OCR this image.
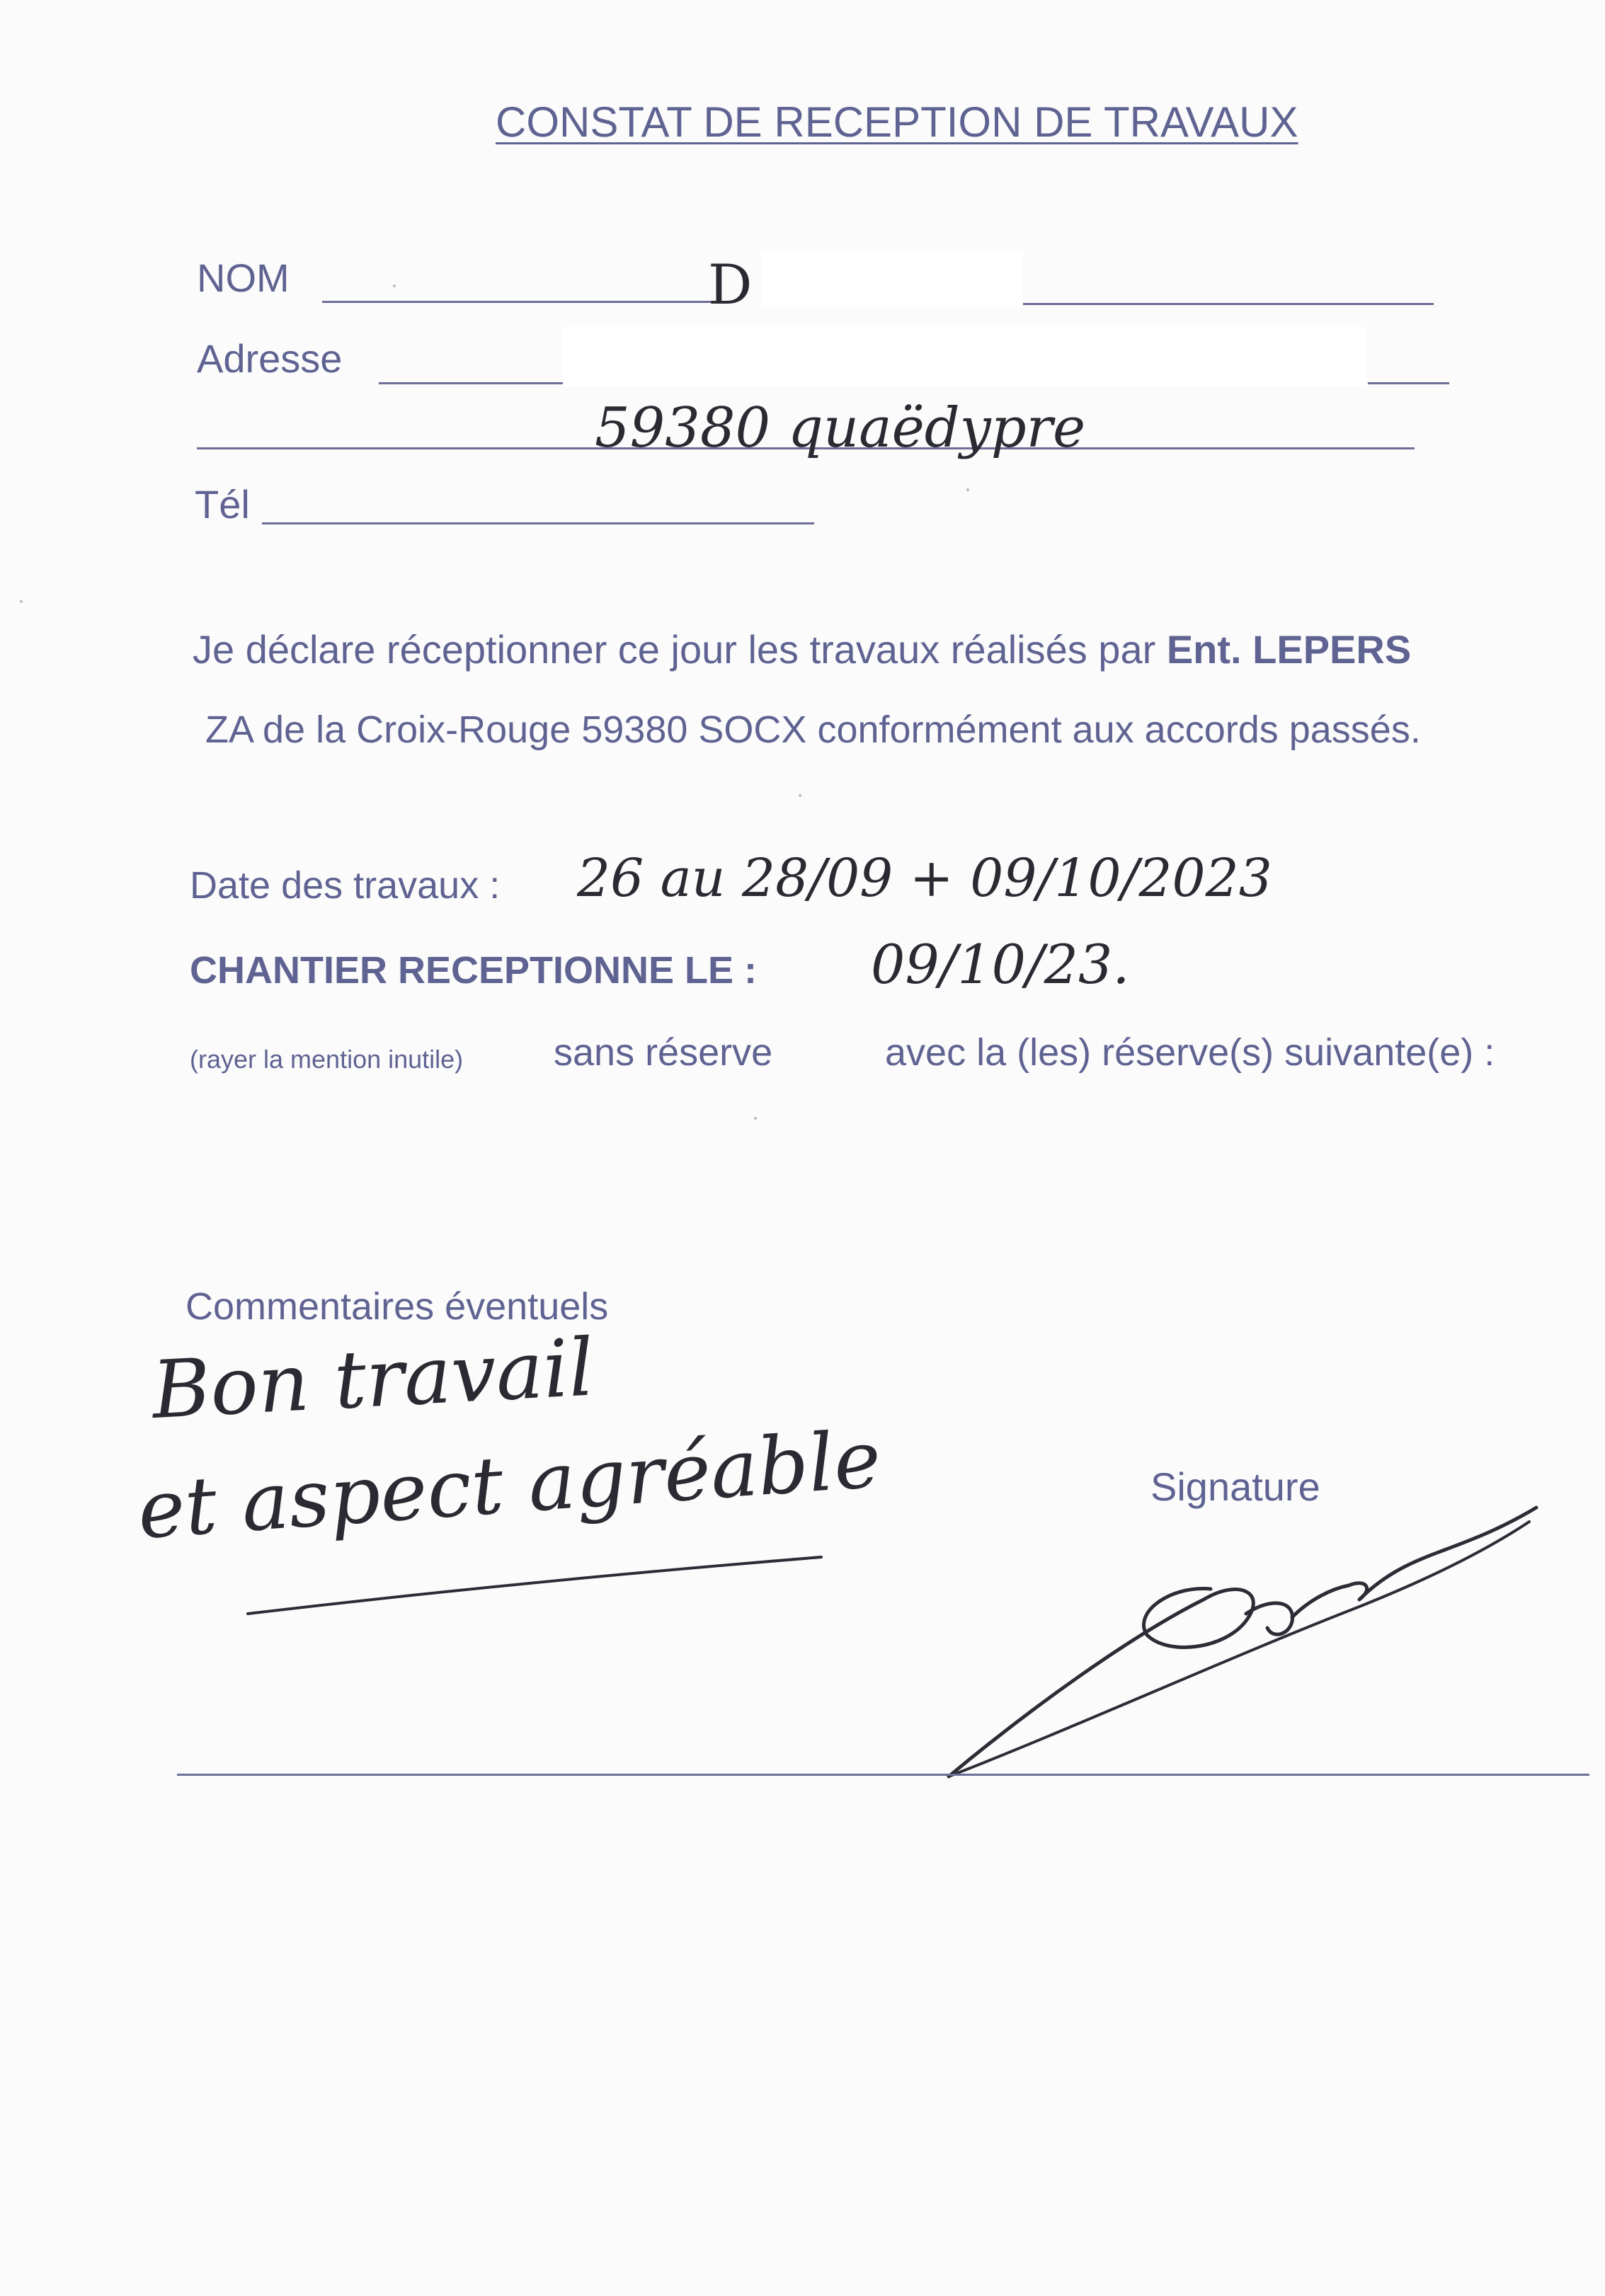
CONSTAT DE RECEPTION DE TRAVAUX
NOM	D
Adresse
59380 quaëdypre
Tél
Je déclare réceptionner ce jour les travaux réalisés par Ent. LEPERS
ZA de la Croix-Rouge 59380 SOCX conformément aux accords passés.
Date des travaux : 26 au 28/09 + 09/10/2023
CHANTIER RECEPTIONNE LE : 09/10/23.
(rayer la mention inutile) sans réserve	avec la (les) réserve(s) suivante(e) :
Commentaires éventuels
Bon travail
et aspect agréable	Signature
